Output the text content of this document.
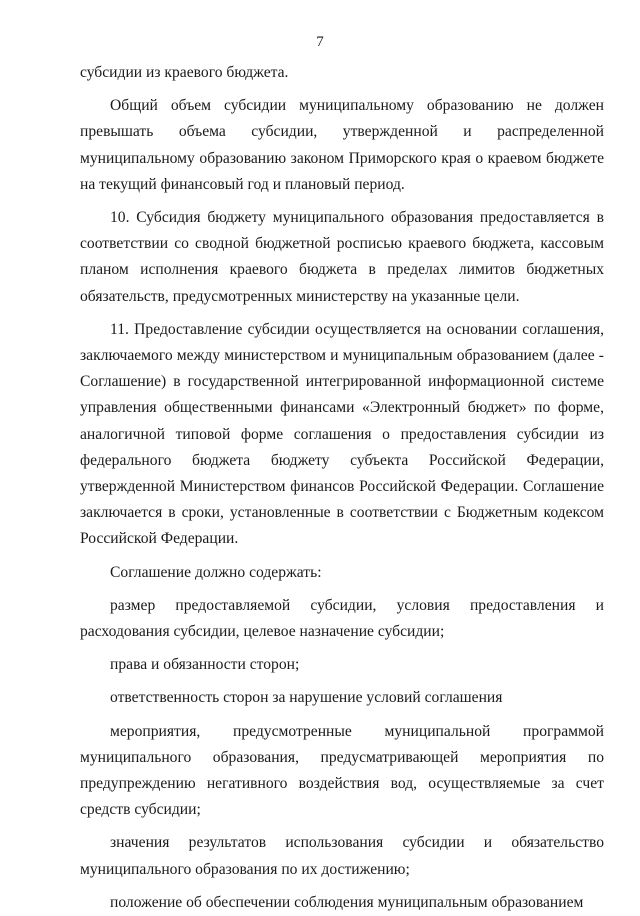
7

субсидии из краевого бюджета.

Общий объем субсидии муниципальному образованию не должен превышать объема субсидии, утвержденной и распределенной муниципальному образованию законом Приморского края о краевом бюджете на текущий финансовый год и плановый период.

10. Субсидия бюджету муниципального образования предоставляется в соответствии со сводной бюджетной росписью краевого бюджета, кассовым планом исполнения краевого бюджета в пределах лимитов бюджетных обязательств, предусмотренных министерству на указанные цели.

11. Предоставление субсидии осуществляется на основании соглашения, заключаемого между министерством и муниципальным образованием (далее - Соглашение) в государственной интегрированной информационной системе управления общественными финансами «Электронный бюджет» по форме, аналогичной типовой форме соглашения о предоставления субсидии из федерального бюджета бюджету субъекта Российской Федерации, утвержденной Министерством финансов Российской Федерации. Соглашение заключается в сроки, установленные в соответствии с Бюджетным кодексом Российской Федерации.

Соглашение должно содержать:

размер предоставляемой субсидии, условия предоставления и расходования субсидии, целевое назначение субсидии;

права и обязанности сторон;

ответственность сторон за нарушение условий соглашения

мероприятия, предусмотренные муниципальной программой муниципального образования, предусматривающей мероприятия по предупреждению негативного воздействия вод, осуществляемые за счет средств субсидии;

значения результатов использования субсидии и обязательство муниципального образования по их достижению;

положение об обеспечении соблюдения муниципальным образованием
